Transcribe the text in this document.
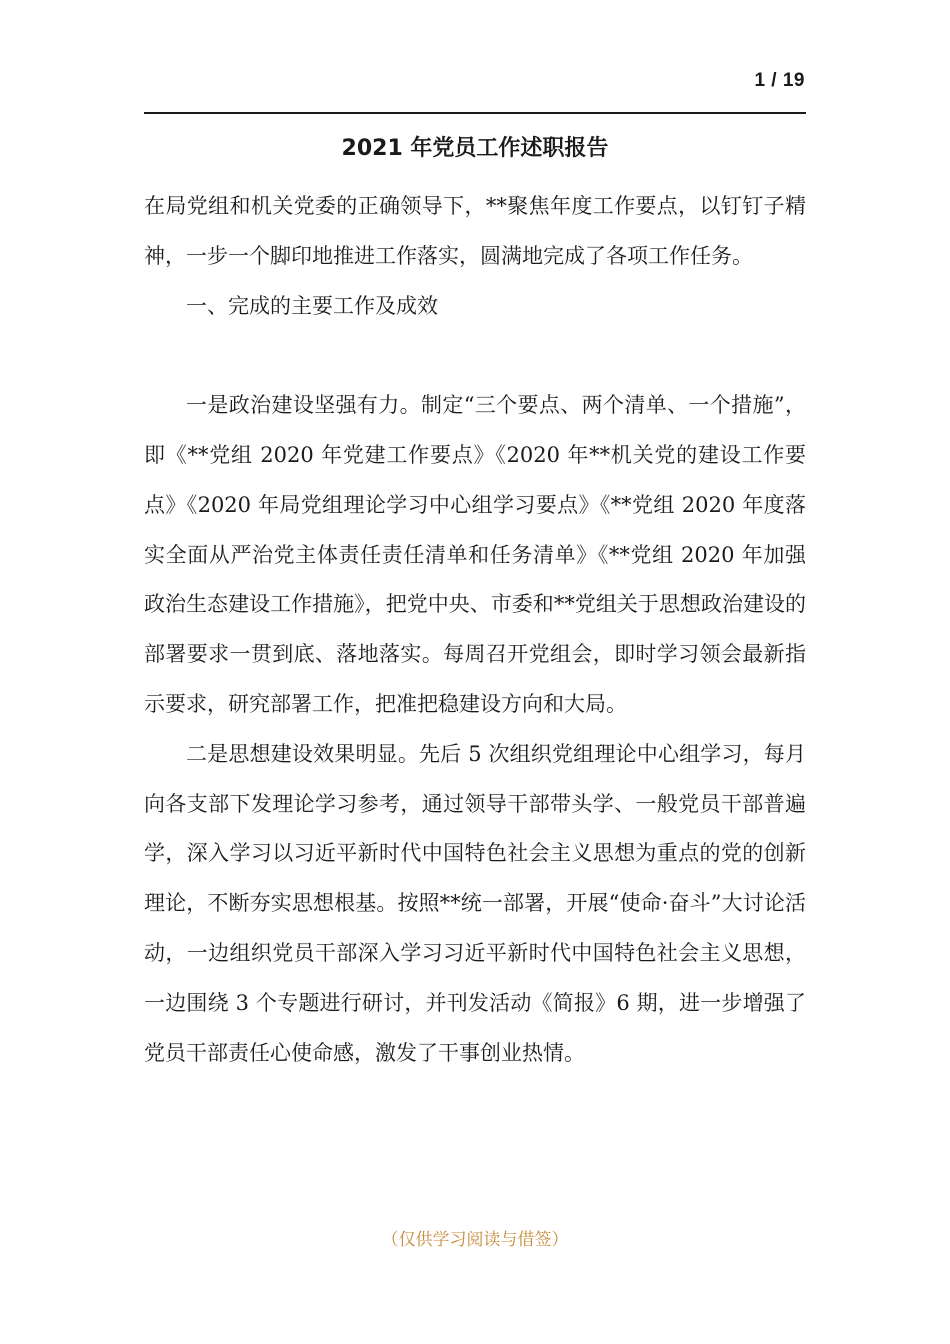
1 / 19
2021 年党员工作述职报告

在局党组和机关党委的正确领导下，**聚焦年度工作要点，以钉钉子精神，一步一个脚印地推进工作落实，圆满地完成了各项工作任务。

一、完成的主要工作及成效

一是政治建设坚强有力。制定“三个要点、两个清单、一个措施”，即《**党组 2020 年党建工作要点》《2020 年**机关党的建设工作要点》《2020 年局党组理论学习中心组学习要点》《**党组 2020 年度落实全面从严治党主体责任责任清单和任务清单》《**党组 2020 年加强政治生态建设工作措施》，把党中央、市委和**党组关于思想政治建设的部署要求一贯到底、落地落实。每周召开党组会，即时学习领会最新指示要求，研究部署工作，把准把稳建设方向和大局。

二是思想建设效果明显。先后 5 次组织党组理论中心组学习，每月向各支部下发理论学习参考，通过领导干部带头学、一般党员干部普遍学，深入学习以习近平新时代中国特色社会主义思想为重点的党的创新理论，不断夯实思想根基。按照**统一部署，开展“使命·奋斗”大讨论活动，一边组织党员干部深入学习习近平新时代中国特色社会主义思想，一边围绕 3 个专题进行研讨，并刊发活动《简报》6 期，进一步增强了党员干部责任心使命感，激发了干事创业热情。

（仅供学习阅读与借签）
